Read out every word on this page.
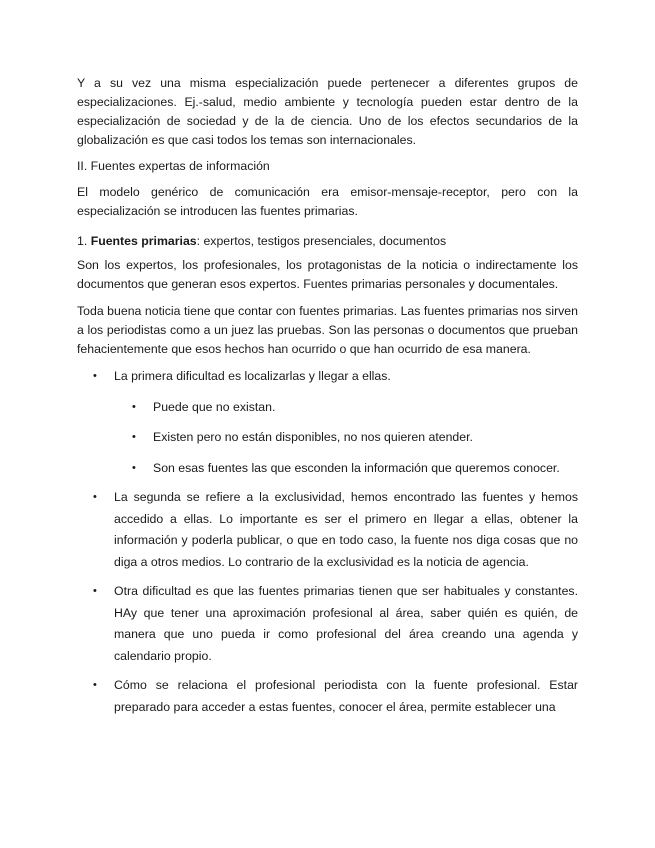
Y a su vez una misma especialización puede pertenecer a diferentes grupos de especializaciones. Ej.-salud, medio ambiente y tecnología pueden estar dentro de la especialización de sociedad y de la de ciencia. Uno de los efectos secundarios de la globalización es que casi todos los temas son internacionales.

II. Fuentes expertas de información

El modelo genérico de comunicación era emisor-mensaje-receptor, pero con la especialización se introducen las fuentes primarias.

1. Fuentes primarias: expertos, testigos presenciales, documentos

Son los expertos, los profesionales, los protagonistas de la noticia o indirectamente los documentos que generan esos expertos. Fuentes primarias personales y documentales.

Toda buena noticia tiene que contar con fuentes primarias. Las fuentes primarias nos sirven a los periodistas como a un juez las pruebas. Son las personas o documentos que prueban fehacientemente que esos hechos han ocurrido o que han ocurrido de esa manera.

• La primera dificultad es localizarlas y llegar a ellas.
• Puede que no existan.
• Existen pero no están disponibles, no nos quieren atender.
• Son esas fuentes las que esconden la información que queremos conocer.
• La segunda se refiere a la exclusividad, hemos encontrado las fuentes y hemos accedido a ellas. Lo importante es ser el primero en llegar a ellas, obtener la información y poderla publicar, o que en todo caso, la fuente nos diga cosas que no diga a otros medios. Lo contrario de la exclusividad es la noticia de agencia.
• Otra dificultad es que las fuentes primarias tienen que ser habituales y constantes. HAy que tener una aproximación profesional al área, saber quién es quién, de manera que uno pueda ir como profesional del área creando una agenda y calendario propio.
• Cómo se relaciona el profesional periodista con la fuente profesional. Estar preparado para acceder a estas fuentes, conocer el área, permite establecer una
